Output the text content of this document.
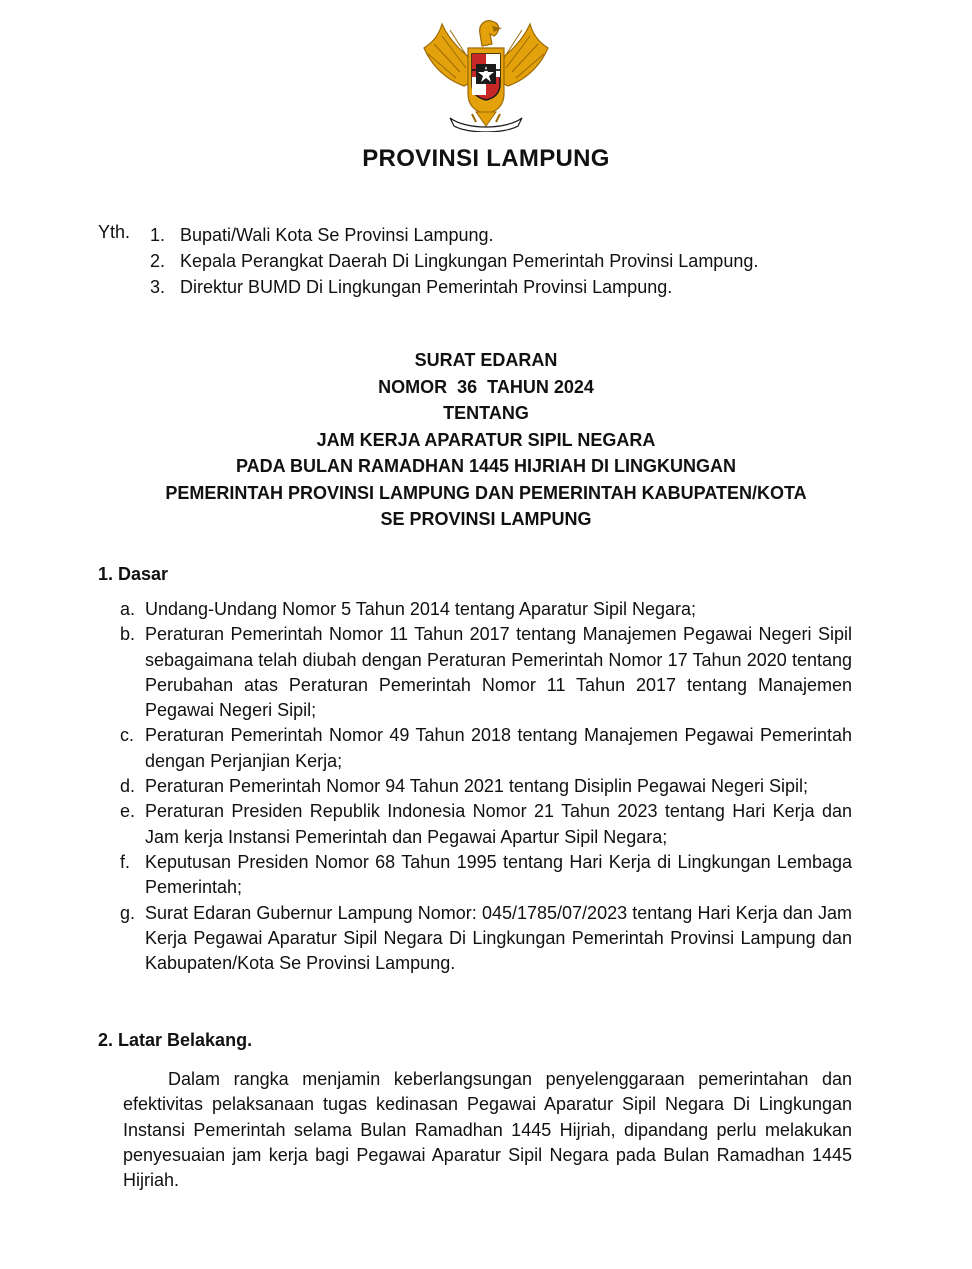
PROVINSI LAMPUNG
Yth. 1. Bupati/Wali Kota Se Provinsi Lampung.
2. Kepala Perangkat Daerah Di Lingkungan Pemerintah Provinsi Lampung.
3. Direktur BUMD Di Lingkungan Pemerintah Provinsi Lampung.
SURAT EDARAN
NOMOR  36  TAHUN 2024
TENTANG
JAM KERJA APARATUR SIPIL NEGARA
PADA BULAN RAMADHAN 1445 HIJRIAH DI LINGKUNGAN
PEMERINTAH PROVINSI LAMPUNG DAN PEMERINTAH KABUPATEN/KOTA
SE PROVINSI LAMPUNG
1. Dasar
a. Undang-Undang Nomor 5 Tahun 2014 tentang Aparatur Sipil Negara;
b. Peraturan Pemerintah Nomor 11 Tahun 2017 tentang Manajemen Pegawai Negeri Sipil sebagaimana telah diubah dengan Peraturan Pemerintah Nomor 17 Tahun 2020 tentang Perubahan atas Peraturan Pemerintah Nomor 11 Tahun 2017 tentang Manajemen Pegawai Negeri Sipil;
c. Peraturan Pemerintah Nomor 49 Tahun 2018 tentang Manajemen Pegawai Pemerintah dengan Perjanjian Kerja;
d. Peraturan Pemerintah Nomor 94 Tahun 2021 tentang Disiplin Pegawai Negeri Sipil;
e. Peraturan Presiden Republik Indonesia Nomor 21 Tahun 2023 tentang Hari Kerja dan Jam kerja Instansi Pemerintah dan Pegawai Apartur Sipil Negara;
f. Keputusan Presiden Nomor 68 Tahun 1995 tentang Hari Kerja di Lingkungan Lembaga Pemerintah;
g. Surat Edaran Gubernur Lampung Nomor: 045/1785/07/2023 tentang Hari Kerja dan Jam Kerja Pegawai Aparatur Sipil Negara Di Lingkungan Pemerintah Provinsi Lampung dan Kabupaten/Kota Se Provinsi Lampung.
2. Latar Belakang.
Dalam rangka menjamin keberlangsungan penyelenggaraan pemerintahan dan efektivitas pelaksanaan tugas kedinasan Pegawai Aparatur Sipil Negara Di Lingkungan Instansi Pemerintah selama Bulan Ramadhan 1445 Hijriah, dipandang perlu melakukan penyesuaian jam kerja bagi Pegawai Aparatur Sipil Negara pada Bulan Ramadhan 1445 Hijriah.
